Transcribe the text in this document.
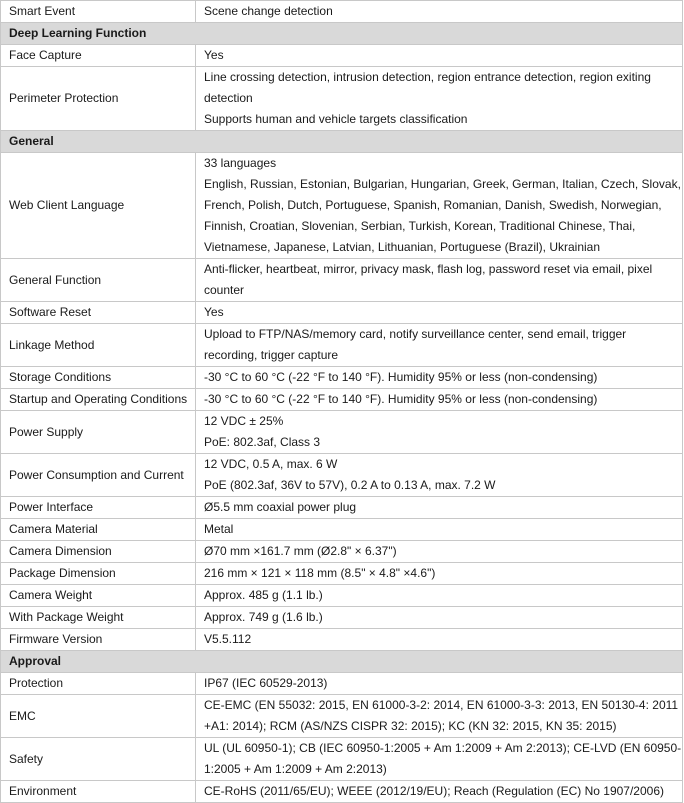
Smart Event	Scene change detection

Deep Learning Function	
Face Capture	Yes

Perimeter Protection	Line crossing detection, intrusion detection, region entrance detection, region exiting detection
Supports human and vehicle targets classification

General	
Web Client Language	33 languages
English, Russian, Estonian, Bulgarian, Hungarian, Greek, German, Italian, Czech, Slovak, French, Polish, Dutch, Portuguese, Spanish, Romanian, Danish, Swedish, Norwegian, Finnish, Croatian, Slovenian, Serbian, Turkish, Korean, Traditional Chinese, Thai, Vietnamese, Japanese, Latvian, Lithuanian, Portuguese (Brazil), Ukrainian

General Function	Anti-flicker, heartbeat, mirror, privacy mask, flash log, password reset via email, pixel counter

Software Reset	Yes

Linkage Method	Upload to FTP/NAS/memory card, notify surveillance center, send email, trigger recording, trigger capture

Storage Conditions	-30 °C to 60 °C (-22 °F to 140 °F). Humidity 95% or less (non-condensing)

Startup and Operating Conditions	-30 °C to 60 °C (-22 °F to 140 °F). Humidity 95% or less (non-condensing)

Power Supply	12 VDC ± 25%
PoE: 802.3af, Class 3

Power Consumption and Current	12 VDC, 0.5 A, max. 6 W
PoE (802.3af, 36V to 57V), 0.2 A to 0.13 A, max. 7.2 W

Power Interface	Ø5.5 mm coaxial power plug

Camera Material	Metal

Camera Dimension	Ø70 mm ×161.7 mm (Ø2.8" × 6.37")

Package Dimension	216 mm × 121 × 118 mm (8.5" × 4.8" ×4.6")

Camera Weight	Approx. 485 g (1.1 lb.)

With Package Weight	Approx. 749 g (1.6 lb.)

Firmware Version	V5.5.112

Approval	
Protection	IP67 (IEC 60529-2013)

EMC	CE-EMC (EN 55032: 2015, EN 61000-3-2: 2014, EN 61000-3-3: 2013, EN 50130-4: 2011 +A1: 2014); RCM (AS/NZS CISPR 32: 2015); KC (KN 32: 2015, KN 35: 2015)

Safety	UL (UL 60950-1); CB (IEC 60950-1:2005 + Am 1:2009 + Am 2:2013); CE-LVD (EN 60950-1:2005 + Am 1:2009 + Am 2:2013)

Environment	CE-RoHS (2011/65/EU); WEEE (2012/19/EU); Reach (Regulation (EC) No 1907/2006)
